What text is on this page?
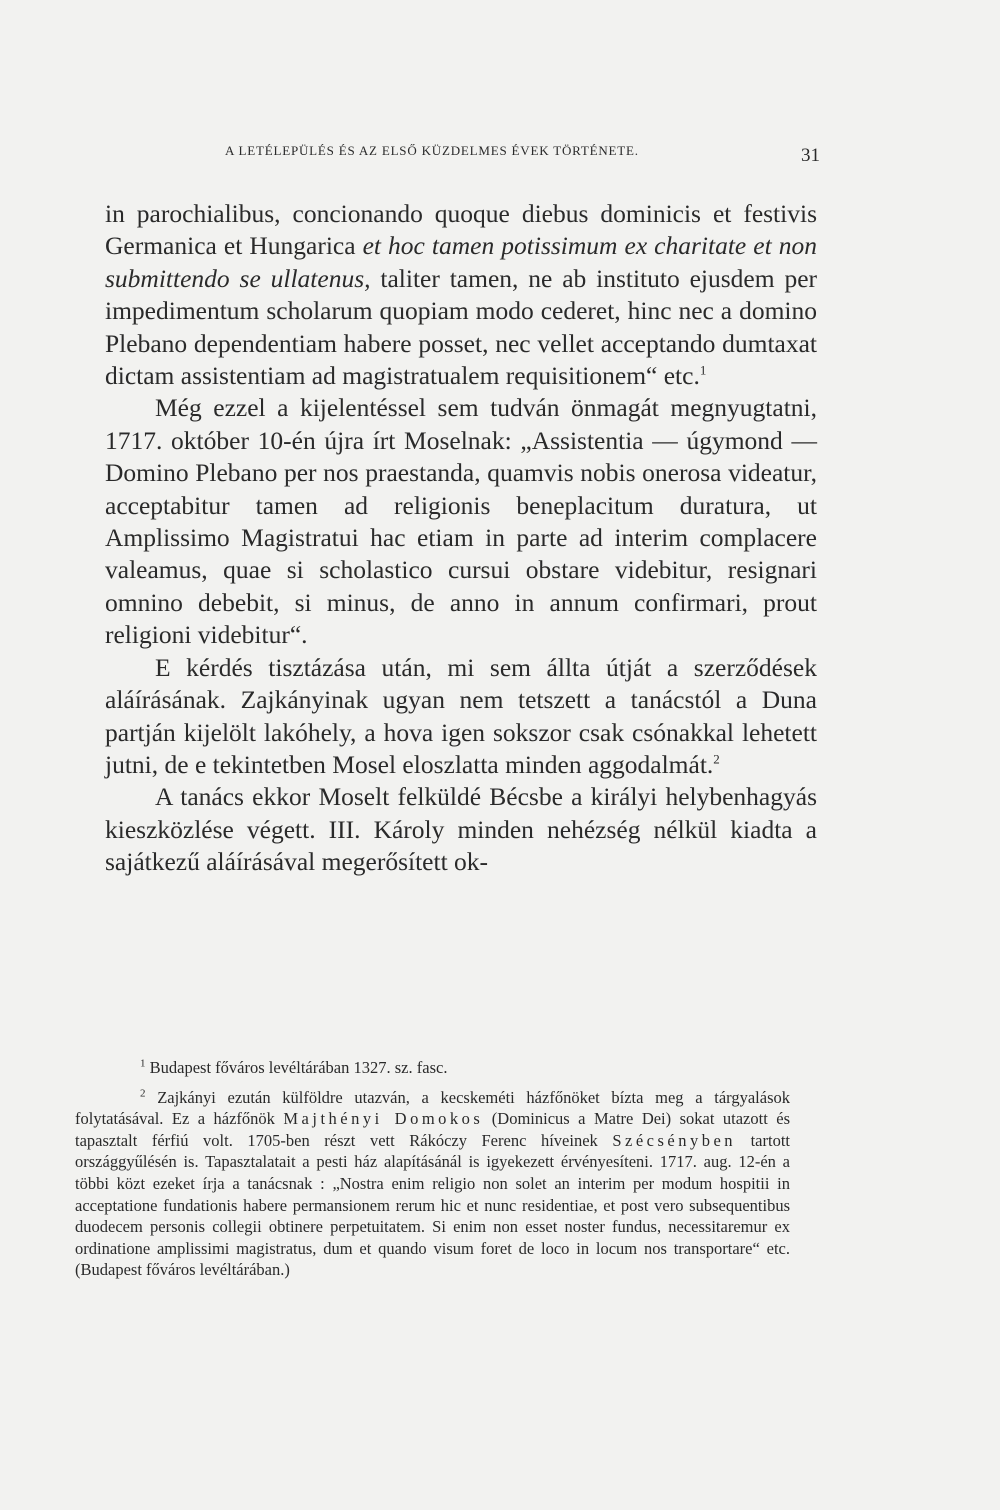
A LETÉLEPÜLÉS ÉS AZ ELSŐ KÜZDELMES ÉVEK TÖRTÉNETE.	31

in parochialibus, concionando quoque diebus dominicis et festivis Germanica et Hungarica et hoc tamen potissimum ex charitate et non submittendo se ullatenus, taliter tamen, ne ab instituto ejusdem per impedimentum scholarum quopiam modo cederet, hinc nec a domino Plebano dependentiam habere posset, nec vellet acceptando dumtaxat dictam assistentiam ad magistratualem requisitionem“ etc.$^1$

Még ezzel a kijelentéssel sem tudván önmagát megnyugtatni, 1717. október 10-én újra írt Moselnak: „Assistentia — úgymond — Domino Plebano per nos praestanda, quamvis nobis onerosa videatur, acceptabitur tamen ad religionis beneplacitum duratura, ut Amplissimo Magistratui hac etiam in parte ad interim complacere valeamus, quae si scholastico cursui obstare videbitur, resignari omnino debebit, si minus, de anno in annum confirmari, prout religioni videbitur“.

E kérdés tisztázása után, mi sem állta útját a szerződések aláírásának. Zajkányinak ugyan nem tetszett a tanácstól a Duna partján kijelölt lakóhely, a hova igen sokszor csak csónakkal lehetett jutni, de e tekintetben Mosel eloszlatta minden aggodalmát.$^2$

A tanács ekkor Moselt felküldé Bécsbe a királyi helybenhagyás kieszközlése végett. III. Károly minden nehézség nélkül kiadta a sajátkezű aláírásával megerősített ok-

$^1$ Budapest főváros levéltárában 1327. sz. fasc.

$^2$ Zajkányi ezután külföldre utazván, a kecskeméti házfőnöket bízta meg a tárgyalások folytatásával. Ez a házfőnök Majthényi Domokos (Dominicus a Matre Dei) sokat utazott és tapasztalt férfiú volt. 1705-ben részt vett Rákóczy Ferenc híveinek Szécsényben tartott országgyűlésén is. Tapasztalatait a pesti ház alapításánál is igyekezett érvényesíteni. 1717. aug. 12-én a többi közt ezeket írja a tanácsnak : „Nostra enim religio non solet an interim per modum hospitii in acceptatione fundationis habere permansionem rerum hic et nunc residentiae, et post vero subsequentibus duodecem personis collegii obtinere perpetuitatem. Si enim non esset noster fundus, necessitaremur ex ordinatione amplissimi magistratus, dum et quando visum foret de loco in locum nos transportare“ etc. (Budapest főváros levéltárában.)
